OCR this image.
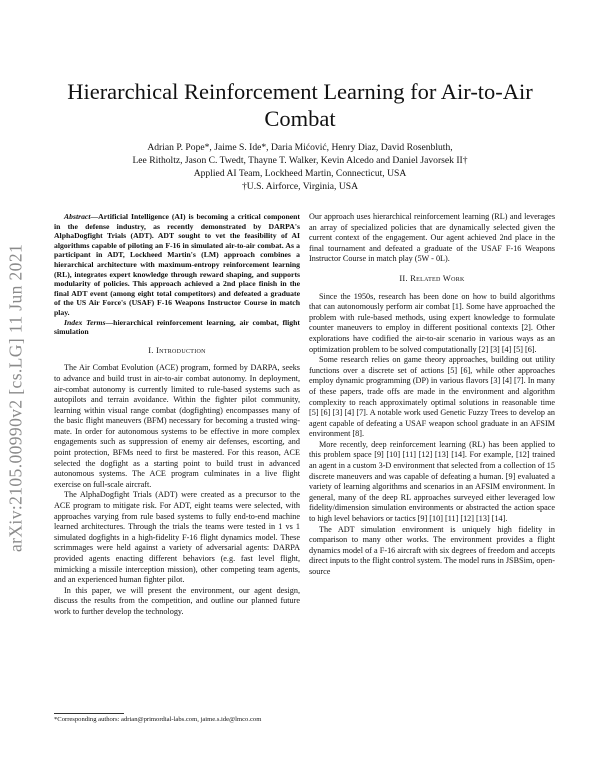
arXiv:2105.00990v2 [cs.LG] 11 Jun 2021
Hierarchical Reinforcement Learning for Air-to-Air Combat
Adrian P. Pope*, Jaime S. Ide*, Daria Mićović, Henry Diaz, David Rosenbluth,
Lee Ritholtz, Jason C. Twedt, Thayne T. Walker, Kevin Alcedo and Daniel Javorsek II†
Applied AI Team, Lockheed Martin, Connecticut, USA
†U.S. Airforce, Virginia, USA

Abstract—Artificial Intelligence (AI) is becoming a critical component in the defense industry, as recently demonstrated by DARPA's AlphaDogfight Trials (ADT). ADT sought to vet the feasibility of AI algorithms capable of piloting an F-16 in simulated air-to-air combat. As a participant in ADT, Lockheed Martin's (LM) approach combines a hierarchical architecture with maximum-entropy reinforcement learning (RL), integrates expert knowledge through reward shaping, and supports modularity of policies. This approach achieved a 2nd place finish in the final ADT event (among eight total competitors) and defeated a graduate of the US Air Force's (USAF) F-16 Weapons Instructor Course in match play.

Index Terms—hierarchical reinforcement learning, air combat, flight simulation

I. Introduction

The Air Combat Evolution (ACE) program, formed by DARPA, seeks to advance and build trust in air-to-air combat autonomy. In deployment, air-combat autonomy is currently limited to rule-based systems such as autopilots and terrain avoidance. Within the fighter pilot community, learning within visual range combat (dogfighting) encompasses many of the basic flight maneuvers (BFM) necessary for becoming a trusted wing-mate. In order for autonomous systems to be effective in more complex engagements such as suppression of enemy air defenses, escorting, and point protection, BFMs need to first be mastered. For this reason, ACE selected the dogfight as a starting point to build trust in advanced autonomous systems. The ACE program culminates in a live flight exercise on full-scale aircraft.

The AlphaDogfight Trials (ADT) were created as a precursor to the ACE program to mitigate risk. For ADT, eight teams were selected, with approaches varying from rule based systems to fully end-to-end machine learned architectures. Through the trials the teams were tested in 1 vs 1 simulated dogfights in a high-fidelity F-16 flight dynamics model. These scrimmages were held against a variety of adversarial agents: DARPA provided agents enacting different behaviors (e.g. fast level flight, mimicking a missile interception mission), other competing team agents, and an experienced human fighter pilot.

In this paper, we will present the environment, our agent design, discuss the results from the competition, and outline our planned future work to further develop the technology.

Our approach uses hierarchical reinforcement learning (RL) and leverages an array of specialized policies that are dynamically selected given the current context of the engagement. Our agent achieved 2nd place in the final tournament and defeated a graduate of the USAF F-16 Weapons Instructor Course in match play (5W - 0L).

II. Related Work

Since the 1950s, research has been done on how to build algorithms that can autonomously perform air combat [1]. Some have approached the problem with rule-based methods, using expert knowledge to formulate counter maneuvers to employ in different positional contexts [2]. Other explorations have codified the air-to-air scenario in various ways as an optimization problem to be solved computationally [2] [3] [4] [5] [6].

Some research relies on game theory approaches, building out utility functions over a discrete set of actions [5] [6], while other approaches employ dynamic programming (DP) in various flavors [3] [4] [7]. In many of these papers, trade offs are made in the environment and algorithm complexity to reach approximately optimal solutions in reasonable time [5] [6] [3] [4] [7]. A notable work used Genetic Fuzzy Trees to develop an agent capable of defeating a USAF weapon school graduate in an AFSIM environment [8].

More recently, deep reinforcement learning (RL) has been applied to this problem space [9] [10] [11] [12] [13] [14]. For example, [12] trained an agent in a custom 3-D environment that selected from a collection of 15 discrete maneuvers and was capable of defeating a human. [9] evaluated a variety of learning algorithms and scenarios in an AFSIM environment. In general, many of the deep RL approaches surveyed either leveraged low fidelity/dimension simulation environments or abstracted the action space to high level behaviors or tactics [9] [10] [11] [12] [13] [14].

The ADT simulation environment is uniquely high fidelity in comparison to many other works. The environment provides a flight dynamics model of a F-16 aircraft with six degrees of freedom and accepts direct inputs to the flight control system. The model runs in JSBSim, open-source

*Corresponding authors: adrian@primordial-labs.com, jaime.s.ide@lmco.com
